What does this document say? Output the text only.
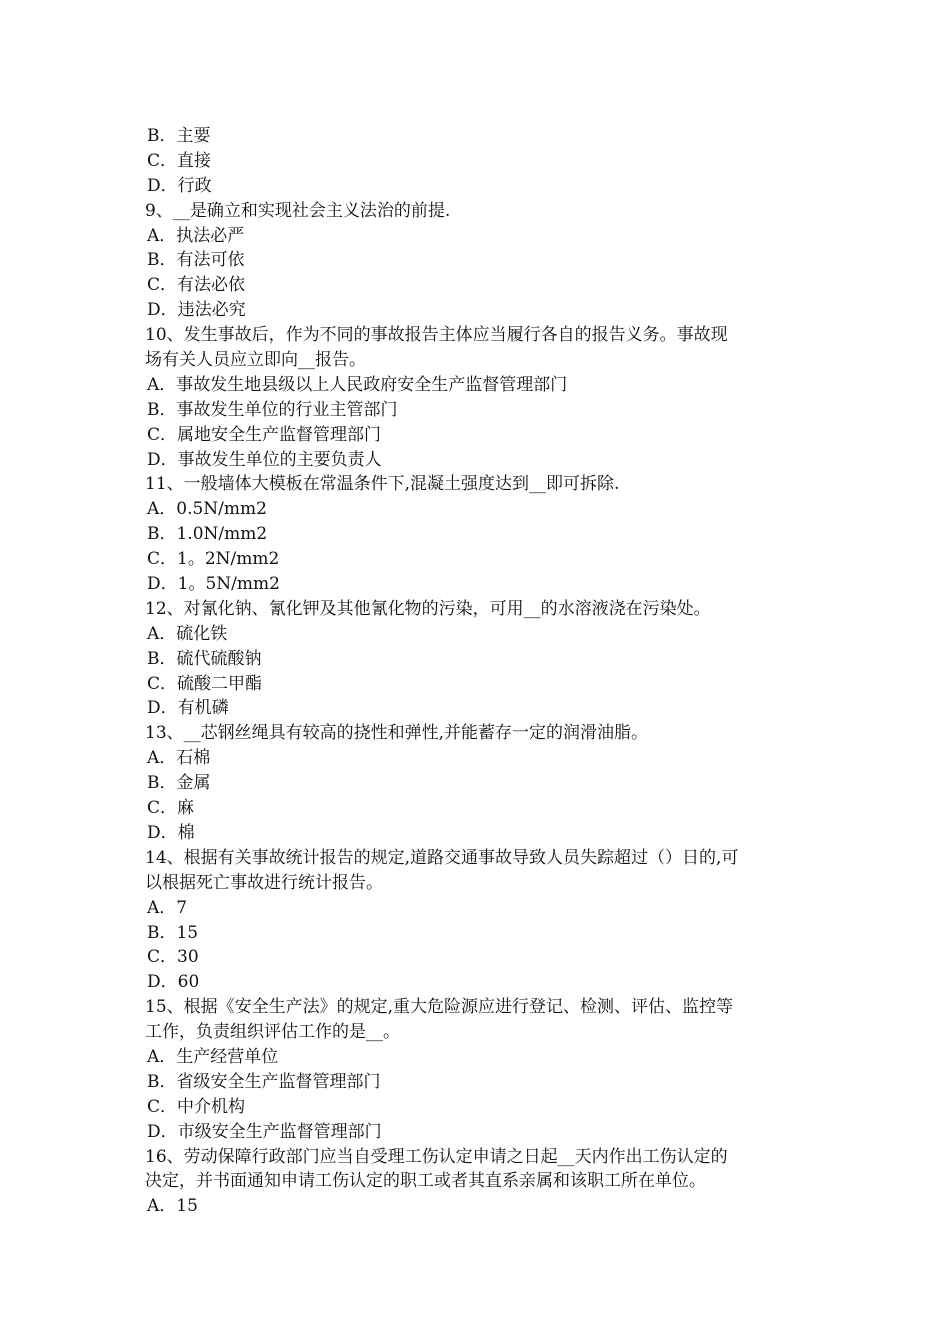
B．主要
C．直接
D．行政
9、__是确立和实现社会主义法治的前提.
A．执法必严
B．有法可依
C．有法必依
D．违法必究
10、发生事故后，作为不同的事故报告主体应当履行各自的报告义务。事故现
场有关人员应立即向__报告。
A．事故发生地县级以上人民政府安全生产监督管理部门
B．事故发生单位的行业主管部门
C．属地安全生产监督管理部门
D．事故发生单位的主要负责人
11、一般墙体大模板在常温条件下,混凝土强度达到__即可拆除.
A．0.5N/mm2
B．1.0N/mm2
C．1。2N/mm2
D．1。5N/mm2
12、对氰化钠、氰化钾及其他氰化物的污染，可用__的水溶液浇在污染处。
A．硫化铁
B．硫代硫酸钠
C．硫酸二甲酯
D．有机磷
13、__芯钢丝绳具有较高的挠性和弹性,并能蓄存一定的润滑油脂。
A．石棉
B．金属
C．麻
D．棉
14、根据有关事故统计报告的规定,道路交通事故导致人员失踪超过（）日的,可
以根据死亡事故进行统计报告。
A．7
B．15
C．30
D．60
15、根据《安全生产法》的规定,重大危险源应进行登记、检测、评估、监控等
工作，负责组织评估工作的是__。
A．生产经营单位
B．省级安全生产监督管理部门
C．中介机构
D．市级安全生产监督管理部门
16、劳动保障行政部门应当自受理工伤认定申请之日起__天内作出工伤认定的
决定，并书面通知申请工伤认定的职工或者其直系亲属和该职工所在单位。
A．15
